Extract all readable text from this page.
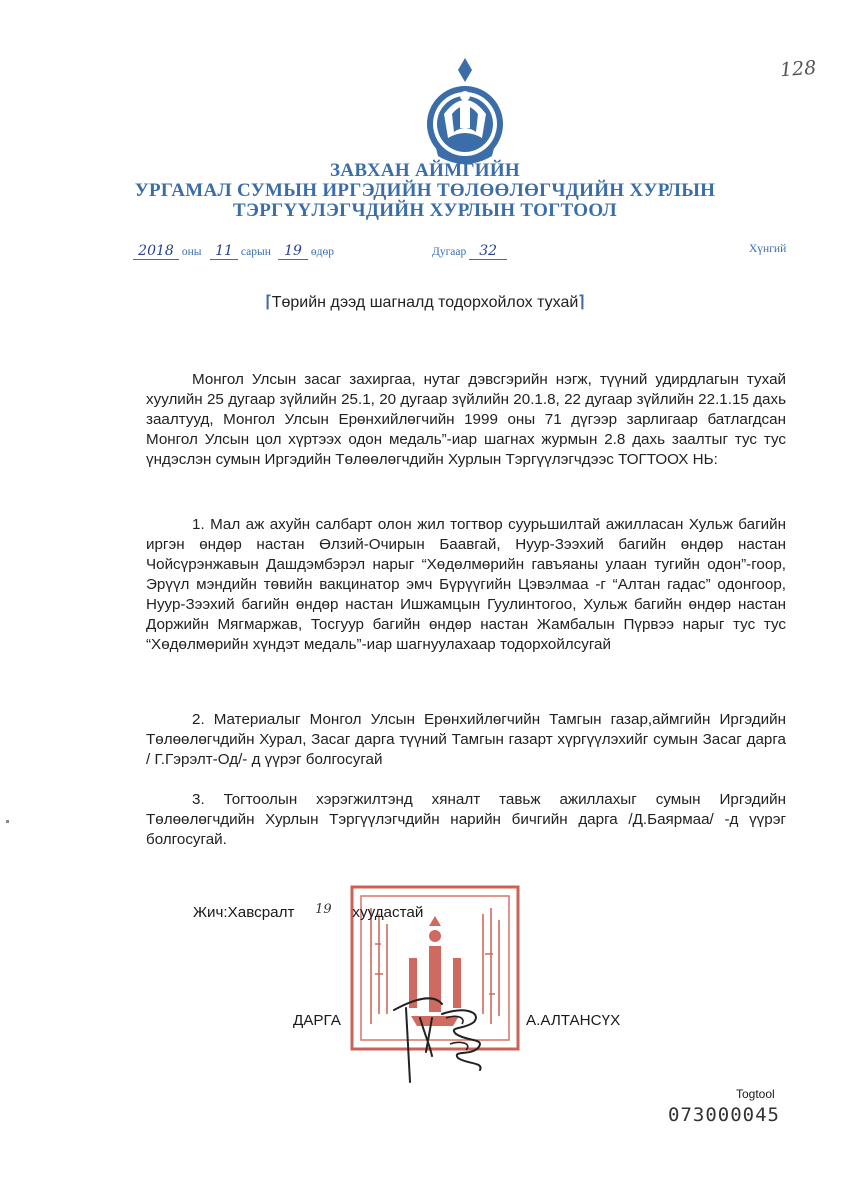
128
ЗАВХАН АЙМГИЙН
УРГАМАЛ СУМЫН ИРГЭДИЙН ТӨЛӨӨЛӨГЧДИЙН ХУРЛЫН
ТЭРГҮҮЛЭГЧДИЙН ХУРЛЫН ТОГТООЛ
2018 оны 11 сарын 19 өдөр	Дугаар 32	Хүнгий
⌈Төрийн дээд шагналд тодорхойлох тухай⌉

Монгол Улсын засаг захиргаа, нутаг дэвсгэрийн нэгж, түүний удирдлагын тухай хуулийн 25 дугаар зүйлийн 25.1, 20 дугаар зүйлийн 20.1.8, 22 дугаар зүйлийн 22.1.15 дахь заалтууд, Монгол Улсын Ерөнхийлөгчийн 1999 оны 71 дүгээр зарлигаар батлагдсан Монгол Улсын цол хүртээх одон медаль”-иар шагнах журмын 2.8 дахь заалтыг тус тус үндэслэн сумын Иргэдийн Төлөөлөгчдийн Хурлын Тэргүүлэгчдээс ТОГТООХ НЬ:

1. Мал аж ахуйн салбарт олон жил тогтвор суурьшилтай ажилласан Хульж багийн иргэн өндөр настан Өлзий-Очирын Баавгай, Нуур-Зээхий багийн өндөр настан Чойсүрэнжавын Дашдэмбэрэл нарыг “Хөдөлмөрийн гавъяаны улаан тугийн одон”-гоор, Эрүүл мэндийн төвийн вакцинатор эмч Бүрүүгийн Цэвэлмаа -г “Алтан гадас” одонгоор, Нуур-Зээхий багийн өндөр настан Ишжамцын Гуулинтогоо, Хульж багийн өндөр настан Доржийн Мягмаржав, Тосгуур багийн өндөр настан Жамбалын Пүрвээ нарыг тус тус “Хөдөлмөрийн хүндэт медаль”-иар шагнуулахаар тодорхойлсугай

2. Материалыг Монгол Улсын Ерөнхийлөгчийн Тамгын газар,аймгийн Иргэдийн Төлөөлөгчдийн Хурал, Засаг дарга түүний Тамгын газарт хүргүүлэхийг сумын Засаг дарга / Г.Гэрэлт-Од/- д үүрэг болгосугай

3. Тогтоолын хэрэгжилтэнд хяналт тавьж ажиллахыг сумын Иргэдийн Төлөөлөгчдийн Хурлын Тэргүүлэгчдийн нарийн бичгийн дарга /Д.Баярмаа/ -д үүрэг болгосугай.

Жич:Хавсралт 19 хуудастай
ДАРГА	А.АЛТАНСҮХ
Togtool
073000045
